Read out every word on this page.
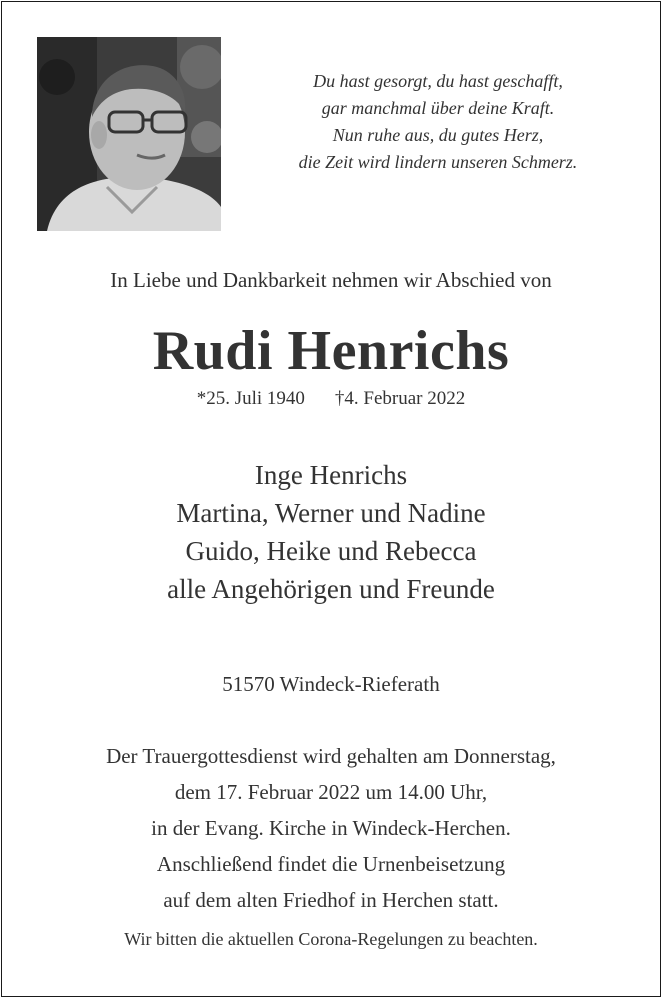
Du hast gesorgt, du hast geschafft,
gar manchmal über deine Kraft.
Nun ruhe aus, du gutes Herz,
die Zeit wird lindern unseren Schmerz.
In Liebe und Dankbarkeit nehmen wir Abschied von
Rudi Henrichs
*25. Juli 1940 †4. Februar 2022
Inge Henrichs
Martina, Werner und Nadine
Guido, Heike und Rebecca
alle Angehörigen und Freunde
51570 Windeck-Rieferath
Der Trauergottesdienst wird gehalten am Donnerstag,
dem 17. Februar 2022 um 14.00 Uhr,
in der Evang. Kirche in Windeck-Herchen.
Anschließend findet die Urnenbeisetzung
auf dem alten Friedhof in Herchen statt.
Wir bitten die aktuellen Corona-Regelungen zu beachten.
